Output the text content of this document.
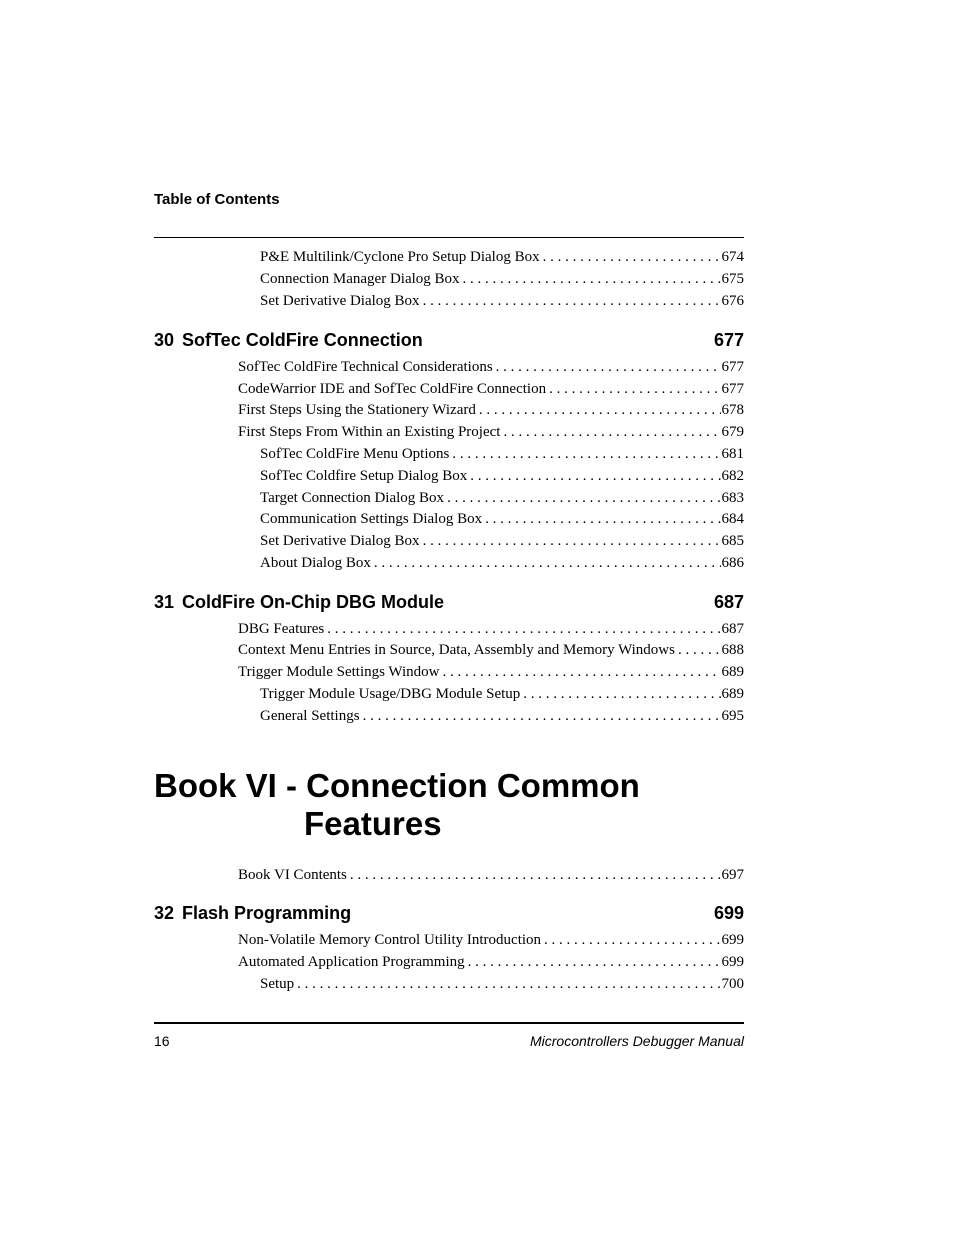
Table of Contents
P&E Multilink/Cyclone Pro Setup Dialog Box . . .	674
Connection Manager Dialog Box . . .	675
Set Derivative Dialog Box . . .	676
30 SofTec ColdFire Connection	677
SofTec ColdFire Technical Considerations . . .	677
CodeWarrior IDE and SofTec ColdFire Connection . . .	677
First Steps Using the Stationery Wizard . . .	678
First Steps From Within an Existing Project . . .	679
SofTec ColdFire Menu Options . . .	681
SofTec Coldfire Setup Dialog Box . . .	682
Target Connection Dialog Box . . .	683
Communication Settings Dialog Box . . .	684
Set Derivative Dialog Box . . .	685
About Dialog Box . . .	686
31 ColdFire On-Chip DBG Module	687
DBG Features . . .	687
Context Menu Entries in Source, Data, Assembly and Memory Windows . . .	688
Trigger Module Settings Window . . .	689
Trigger Module Usage/DBG Module Setup . . .	689
General Settings . . .	695
Book VI - Connection Common
Features
Book VI Contents . . .	697
32 Flash Programming	699
Non-Volatile Memory Control Utility Introduction . . .	699
Automated Application Programming . . .	699
Setup . . .	700
16	Microcontrollers Debugger Manual
